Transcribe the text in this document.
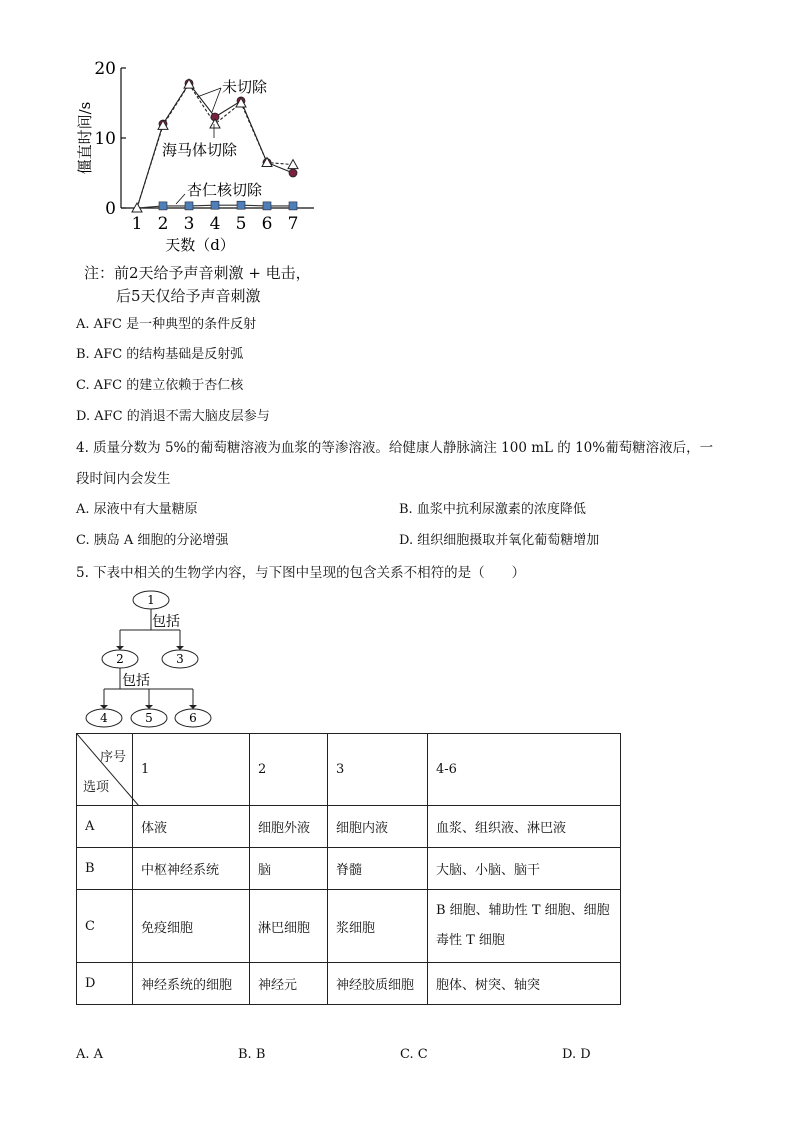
僵直时间/s
0
10
20
1 2 3 4 5 6 7
未切除
海马体切除
杏仁核切除
天数（d）
注：前2天给予声音刺激 + 电击，
后5天仅给予声音刺激
A. AFC 是一种典型的条件反射
B. AFC 的结构基础是反射弧
C. AFC 的建立依赖于杏仁核
D. AFC 的消退不需大脑皮层参与
4. 质量分数为 5%的葡萄糖溶液为血浆的等渗溶液。给健康人静脉滴注 100 mL 的 10%葡萄糖溶液后，一
段时间内会发生
A. 尿液中有大量糖原	B. 血浆中抗利尿激素的浓度降低
C. 胰岛 A 细胞的分泌增强	D. 组织细胞摄取并氧化葡萄糖增加
5. 下表中相关的生物学内容，与下图中呈现的包含关系不相符的是（　　）
1
2	3
4	5	6
包括
包括
序号
选项	1	2	3	4-6
A	体液	细胞外液	细胞内液	血浆、组织液、淋巴液
B	中枢神经系统	脑	脊髓	大脑、小脑、脑干
C	免疫细胞	淋巴细胞	浆细胞	B 细胞、辅助性 T 细胞、细胞毒性 T 细胞
D	神经系统的细胞	神经元	神经胶质细胞	胞体、树突、轴突
A. A	B. B	C. C	D. D
